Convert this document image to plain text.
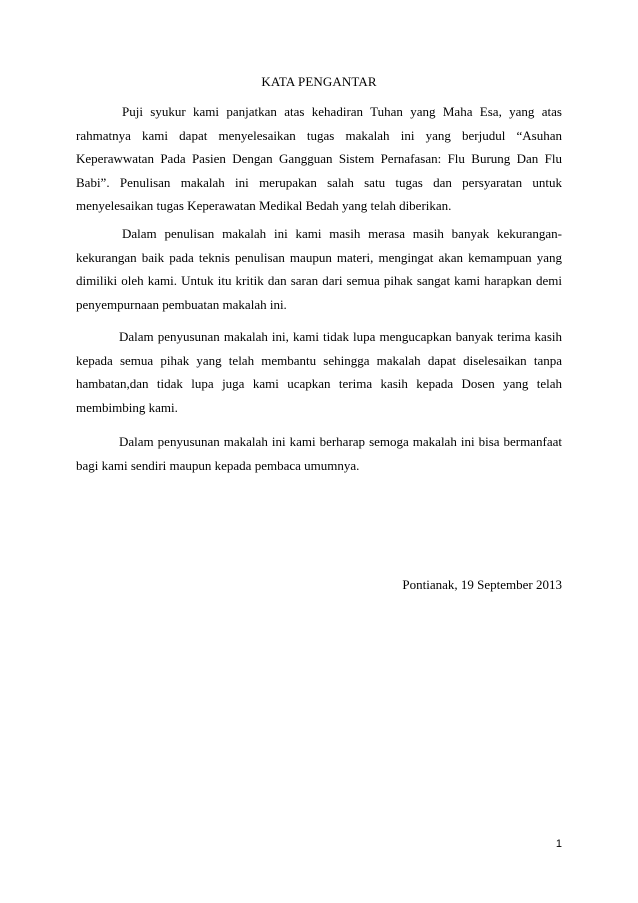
KATA PENGANTAR

Puji syukur kami panjatkan atas kehadiran Tuhan yang Maha Esa, yang atas rahmatnya kami dapat menyelesaikan tugas makalah ini yang berjudul “Asuhan Keperawwatan Pada Pasien Dengan Gangguan Sistem Pernafasan: Flu Burung Dan Flu Babi”. Penulisan makalah ini merupakan salah satu tugas dan persyaratan untuk menyelesaikan tugas Keperawatan Medikal Bedah yang telah diberikan.

Dalam penulisan makalah ini kami masih merasa masih banyak kekurangan-kekurangan baik pada teknis penulisan maupun materi, mengingat akan kemampuan yang dimiliki oleh kami. Untuk itu kritik dan saran dari semua pihak sangat kami harapkan demi penyempurnaan pembuatan makalah ini.

Dalam penyusunan makalah ini, kami tidak lupa mengucapkan banyak terima kasih kepada semua pihak yang telah membantu sehingga makalah dapat diselesaikan tanpa hambatan,dan tidak lupa juga kami ucapkan terima kasih kepada Dosen yang telah membimbing kami.

Dalam penyusunan makalah ini kami berharap semoga makalah ini bisa bermanfaat bagi kami sendiri maupun kepada pembaca umumnya.

Pontianak, 19 September 2013
1
